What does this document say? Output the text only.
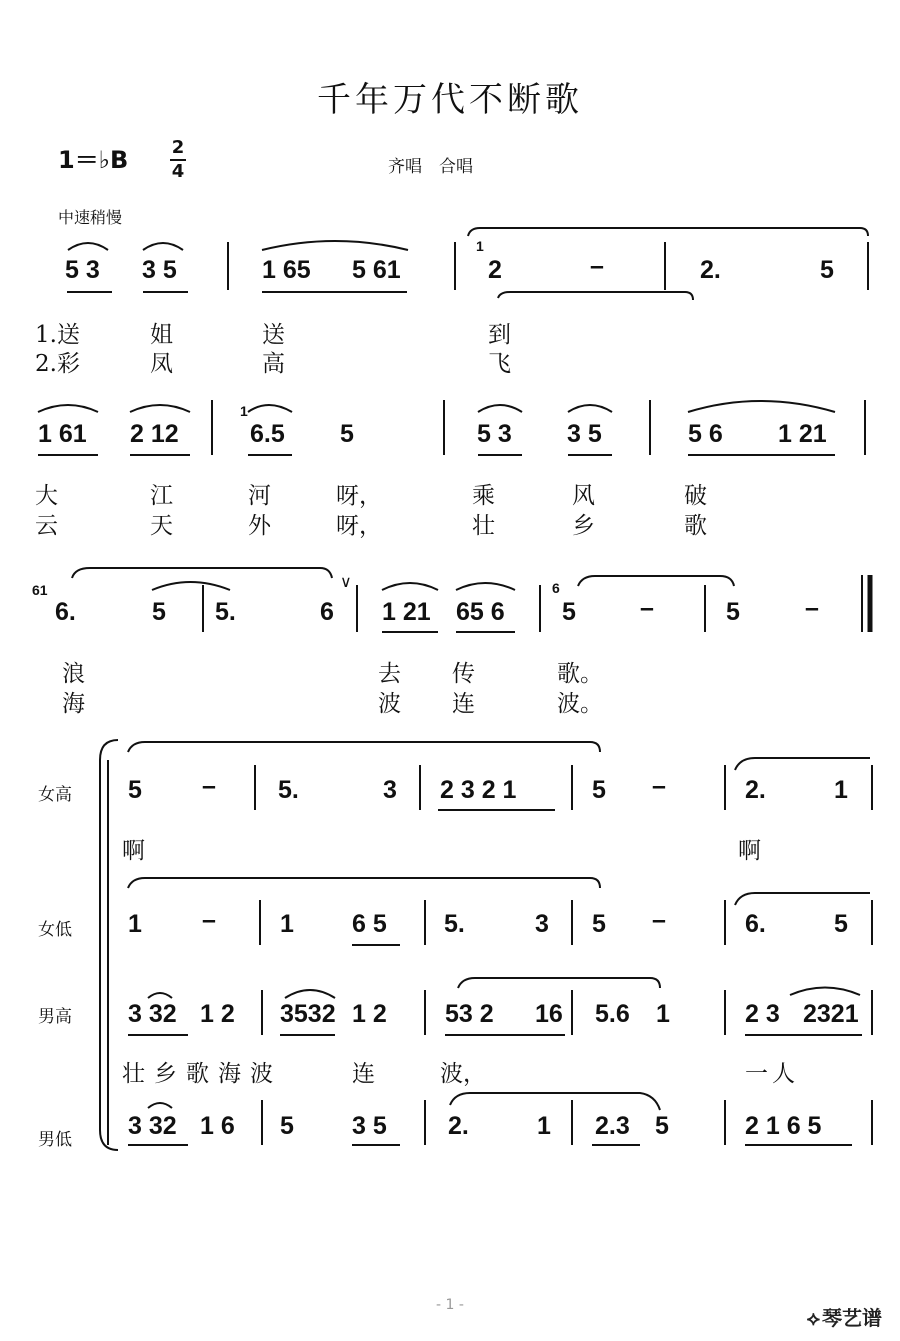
千年万代不断歌
1＝♭B 2
4	齐唱　合唱
中速稍慢
5 3 3 5	1 65 5 61
1
2	–	2.	5
1.送	姐	送	到
2.彩	凤	高	飞
1 61 2 12
1
6.5 5	5 3 3 5	5 6 1 21
大	江	河	呀，	乘	风	破
云	天	外	呀，	壮	乡	歌
61
6.	5 5.	6
∨
1 21 65 6
6
5	–	5	–
浪	去 传	歌。
海	波 连	波。
女高
女低
男高
男低
5 – 5.	3 2 3 2 1	5 –	2.	1
啊	啊
1 –	1 6 5 5.	3 5 –	6.	5
3 32 1 2 3532 1 2 53 2 16 5.6 1	2 3 2321
壮乡歌海波	连	波，	一人
3 32 1 6 5 3 5 2.	1 2.3 5	2 1 6 5
- 1 -
⟡ 琴艺谱
